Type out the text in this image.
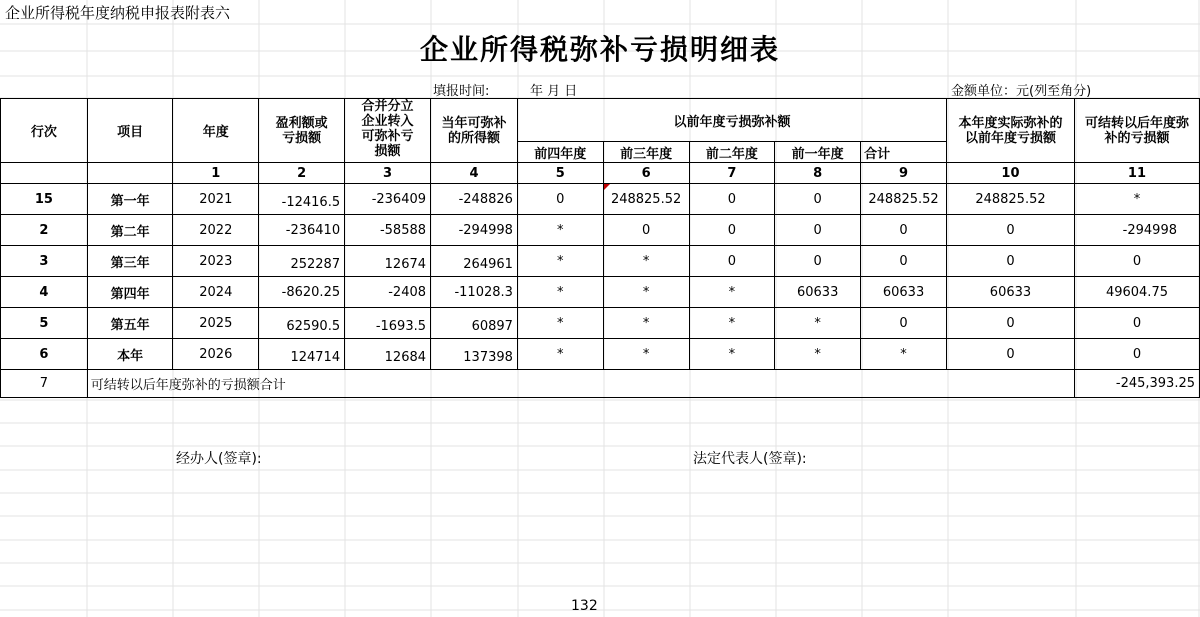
企业所得税年度纳税申报表附表六
企业所得税弥补亏损明细表
填报时间:	年 月 日	金额单位：元(列至角分)
行次	项目	年度	盈利额或亏损额	合并分立企业转入可弥补亏损额	当年可弥补的所得额	以前年度亏损弥补额					本年度实际弥补的以前年度亏损额	可结转以后年度弥补的亏损额

						前四年度	前三年度	前二年度	前一年度	合计		
		1	2	3	4	5	6	7	8	9	10	11
15	第一年	2021	-12416.5	-236409	-248826	0	248825.52	0	0	248825.52	248825.52	*
2	第二年	2022	-236410	-58588	-294998	*	0	0	0	0	0	-294998
3	第三年	2023	252287	12674	264961	*	*	0	0	0	0	0
4	第四年	2024	-8620.25	-2408	-11028.3	*	*	*	60633	60633	60633	49604.75
5	第五年	2025	62590.5	-1693.5	60897	*	*	*	*	0	0	0
6	本年	2026	124714	12684	137398	*	*	*	*	*	0	0
7	可结转以后年度弥补的亏损额合计											-245,393.25
经办人(签章):	法定代表人(签章):
132
